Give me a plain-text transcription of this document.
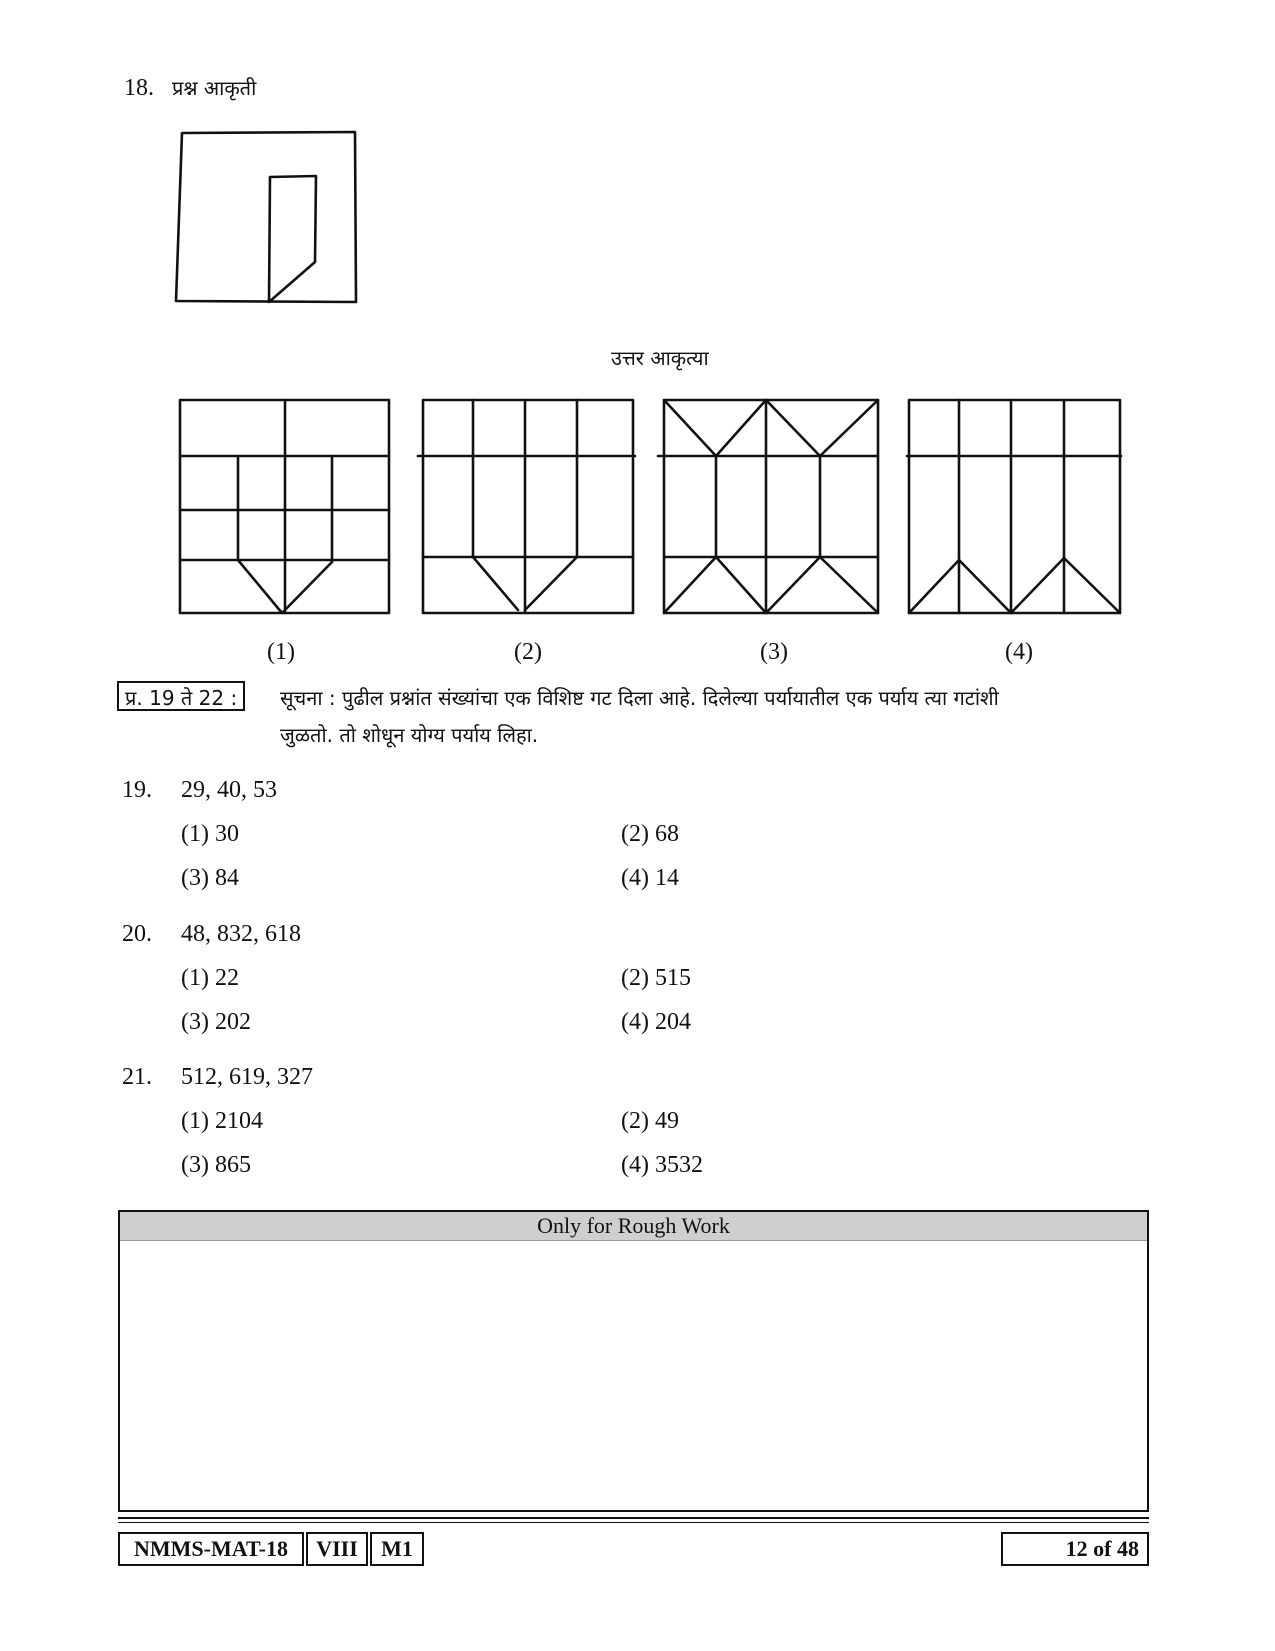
18. प्रश्न आकृती
उत्तर आकृत्या
(1)	(2)	(3)	(4)
प्र. 19 ते 22 :	सूचना : पुढील प्रश्नांत संख्यांचा एक विशिष्ट गट दिला आहे. दिलेल्या पर्यायातील एक पर्याय त्या गटांशी
जुळतो. तो शोधून योग्य पर्याय लिहा.
19. 29, 40, 53
(1) 30	(2) 68
(3) 84	(4) 14
20. 48, 832, 618
(1) 22	(2) 515
(3) 202	(4) 204
21. 512, 619, 327
(1) 2104	(2) 49
(3) 865	(4) 3532
Only for Rough Work
NMMS-MAT-18	VIII	M1	12 of 48
